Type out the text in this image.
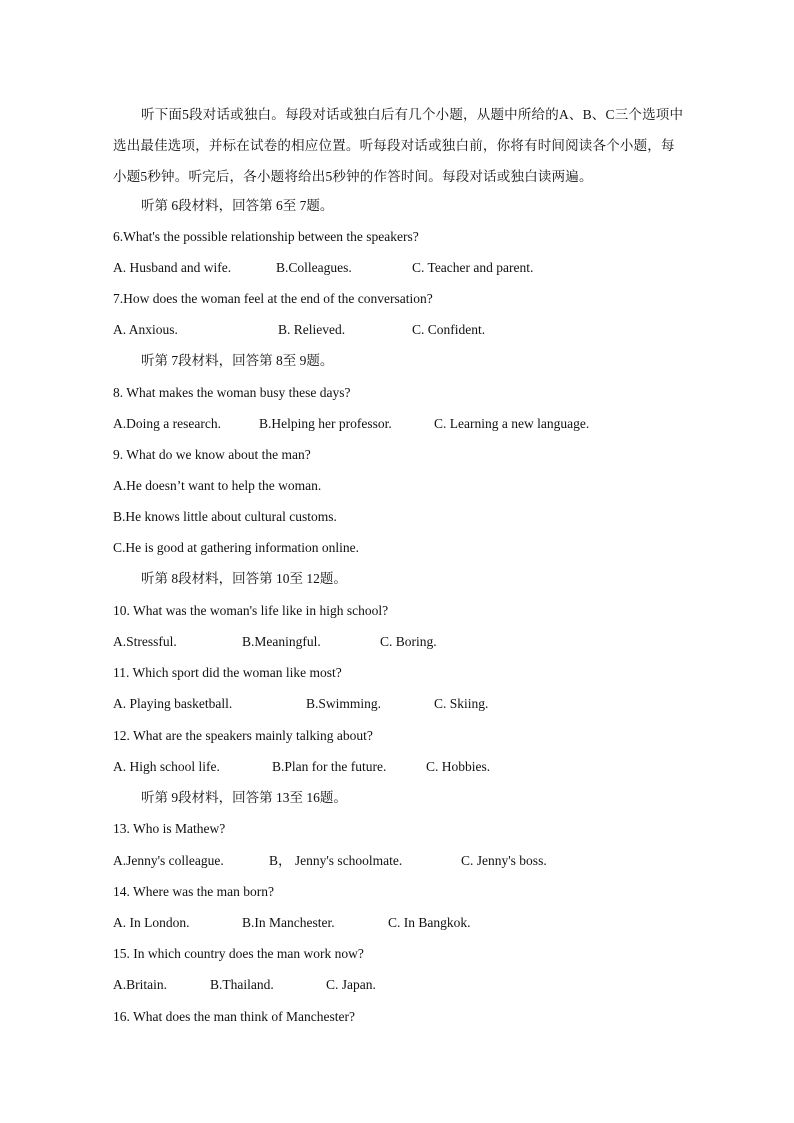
听下面5段对话或独白。每段对话或独白后有几个小题，从题中所给的A、B、C三个选项中选出最佳选项，并标在试卷的相应位置。听每段对话或独白前，你将有时间阅读各个小题，每小题5秒钟。听完后，各小题将给出5秒钟的作答时间。每段对话或独白读两遍。

听第 6段材料，回答第 6至 7题。

6.What's the possible relationship between the speakers?

A. Husband and wife.	B.Colleagues.	C. Teacher and parent.

7.How does the woman feel at the end of the conversation?

A. Anxious.	B. Relieved.	C. Confident.

听第 7段材料，回答第 8至 9题。

8. What makes the woman busy these days?

A.Doing a research.	B.Helping her professor.	C. Learning a new language.

9. What do we know about the man?

A.He doesn’t want to help the woman.
B.He knows little about cultural customs.
C.He is good at gathering information online.

听第 8段材料，回答第 10至 12题。

10. What was the woman's life like in high school?

A.Stressful.	B.Meaningful.	C. Boring.

11. Which sport did the woman like most?

A. Playing basketball.	B.Swimming.	C. Skiing.

12. What are the speakers mainly talking about?

A. High school life.	B.Plan for the future.	C. Hobbies.

听第 9段材料，回答第 13至 16题。

13. Who is Mathew?

A.Jenny's colleague.	B， Jenny's schoolmate.	C. Jenny's boss.

14. Where was the man born?

A. In London.	B.In Manchester.	C. In Bangkok.

15. In which country does the man work now?

A.Britain.	B.Thailand.	C. Japan.

16. What does the man think of Manchester?
